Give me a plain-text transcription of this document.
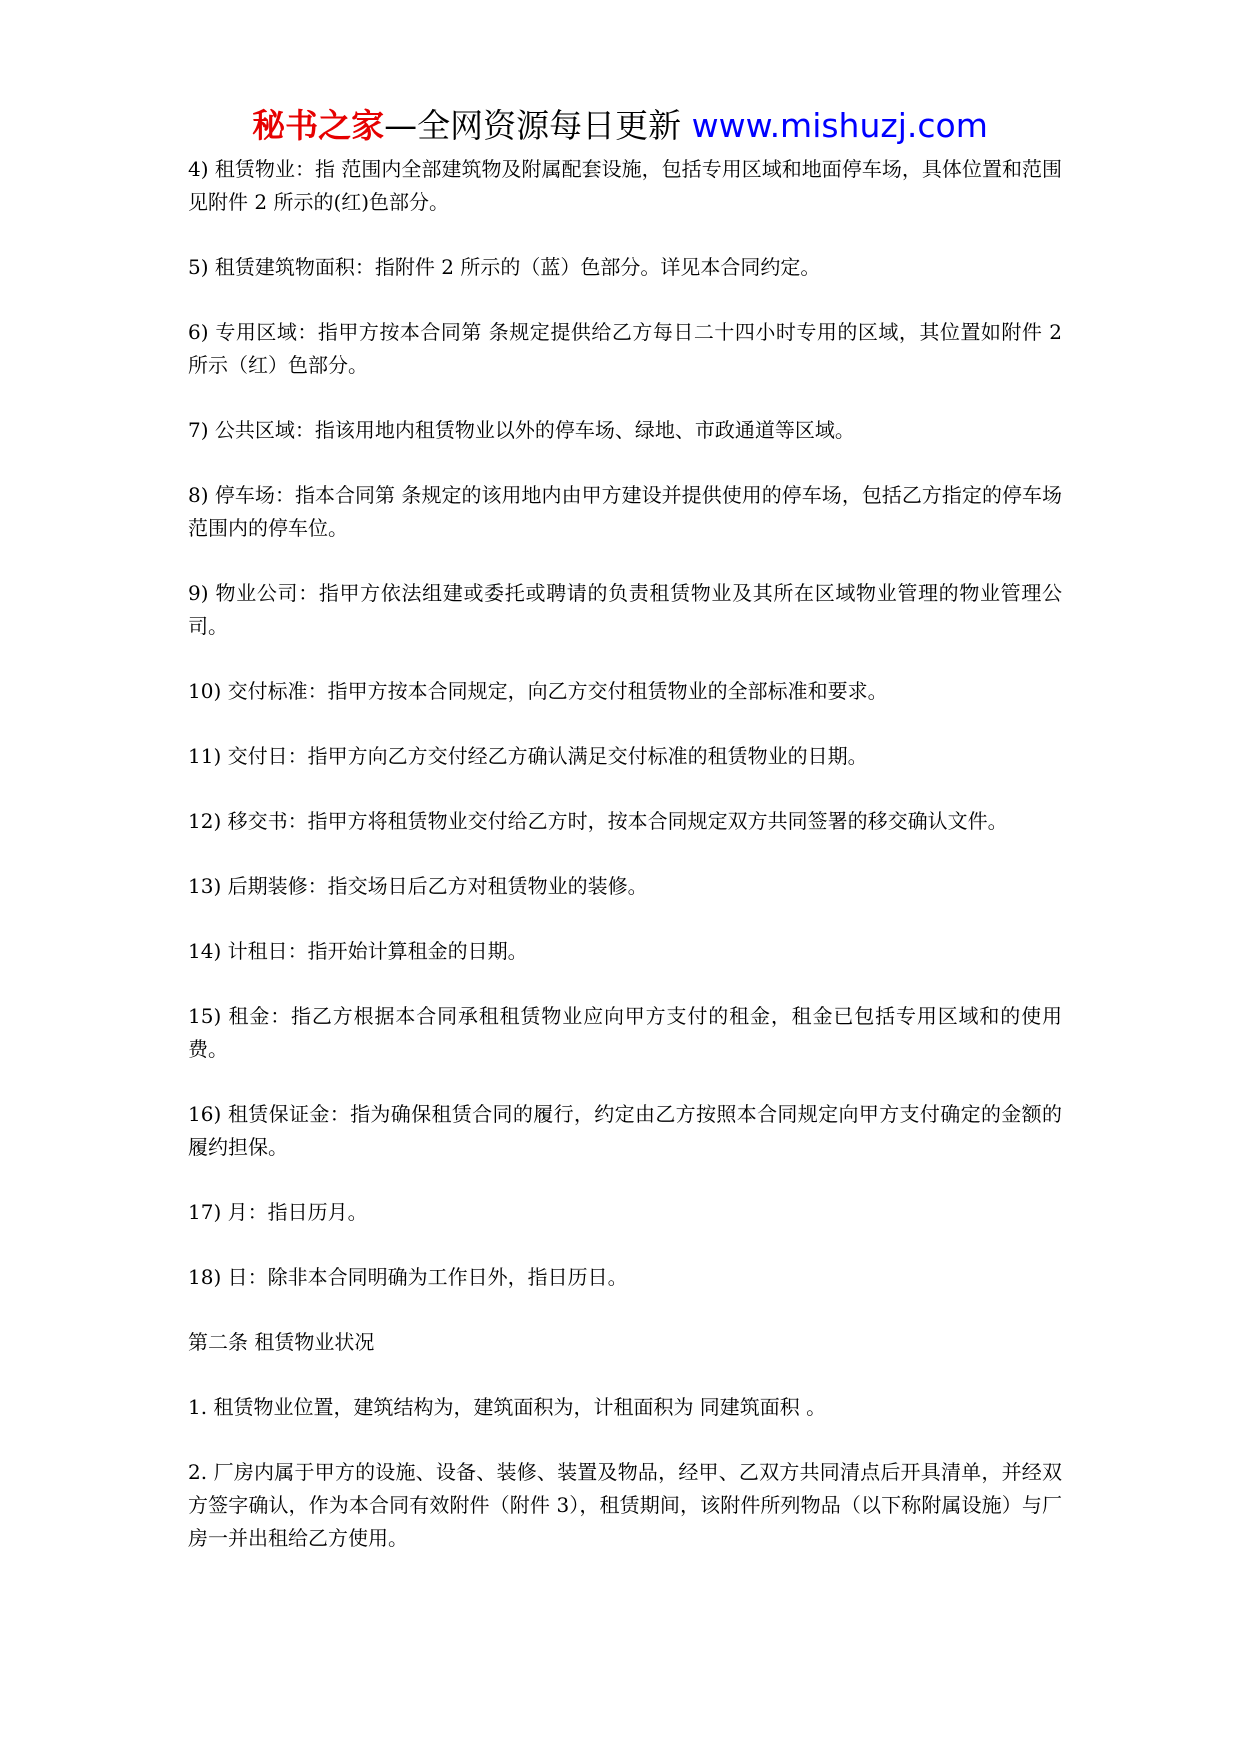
秘书之家—全网资源每日更新 www.mishuzj.com

4) 租赁物业：指 范围内全部建筑物及附属配套设施，包括专用区域和地面停车场，具体位置和范围见附件 2 所示的(红)色部分。

5) 租赁建筑物面积：指附件 2 所示的（蓝）色部分。详见本合同约定。

6) 专用区域：指甲方按本合同第 条规定提供给乙方每日二十四小时专用的区域，其位置如附件 2 所示（红）色部分。

7) 公共区域：指该用地内租赁物业以外的停车场、绿地、市政通道等区域。

8) 停车场：指本合同第 条规定的该用地内由甲方建设并提供使用的停车场，包括乙方指定的停车场范围内的停车位。

9) 物业公司：指甲方依法组建或委托或聘请的负责租赁物业及其所在区域物业管理的物业管理公司。

10) 交付标准：指甲方按本合同规定，向乙方交付租赁物业的全部标准和要求。

11) 交付日：指甲方向乙方交付经乙方确认满足交付标准的租赁物业的日期。

12) 移交书：指甲方将租赁物业交付给乙方时，按本合同规定双方共同签署的移交确认文件。

13) 后期装修：指交场日后乙方对租赁物业的装修。

14) 计租日：指开始计算租金的日期。

15) 租金：指乙方根据本合同承租租赁物业应向甲方支付的租金，租金已包括专用区域和的使用费。

16) 租赁保证金：指为确保租赁合同的履行，约定由乙方按照本合同规定向甲方支付确定的金额的履约担保。

17) 月：指日历月。

18) 日：除非本合同明确为工作日外，指日历日。

第二条 租赁物业状况

1. 租赁物业位置，建筑结构为，建筑面积为，计租面积为 同建筑面积 。

2. 厂房内属于甲方的设施、设备、装修、装置及物品，经甲、乙双方共同清点后开具清单，并经双方签字确认，作为本合同有效附件（附件 3），租赁期间，该附件所列物品（以下称附属设施）与厂房一并出租给乙方使用。
